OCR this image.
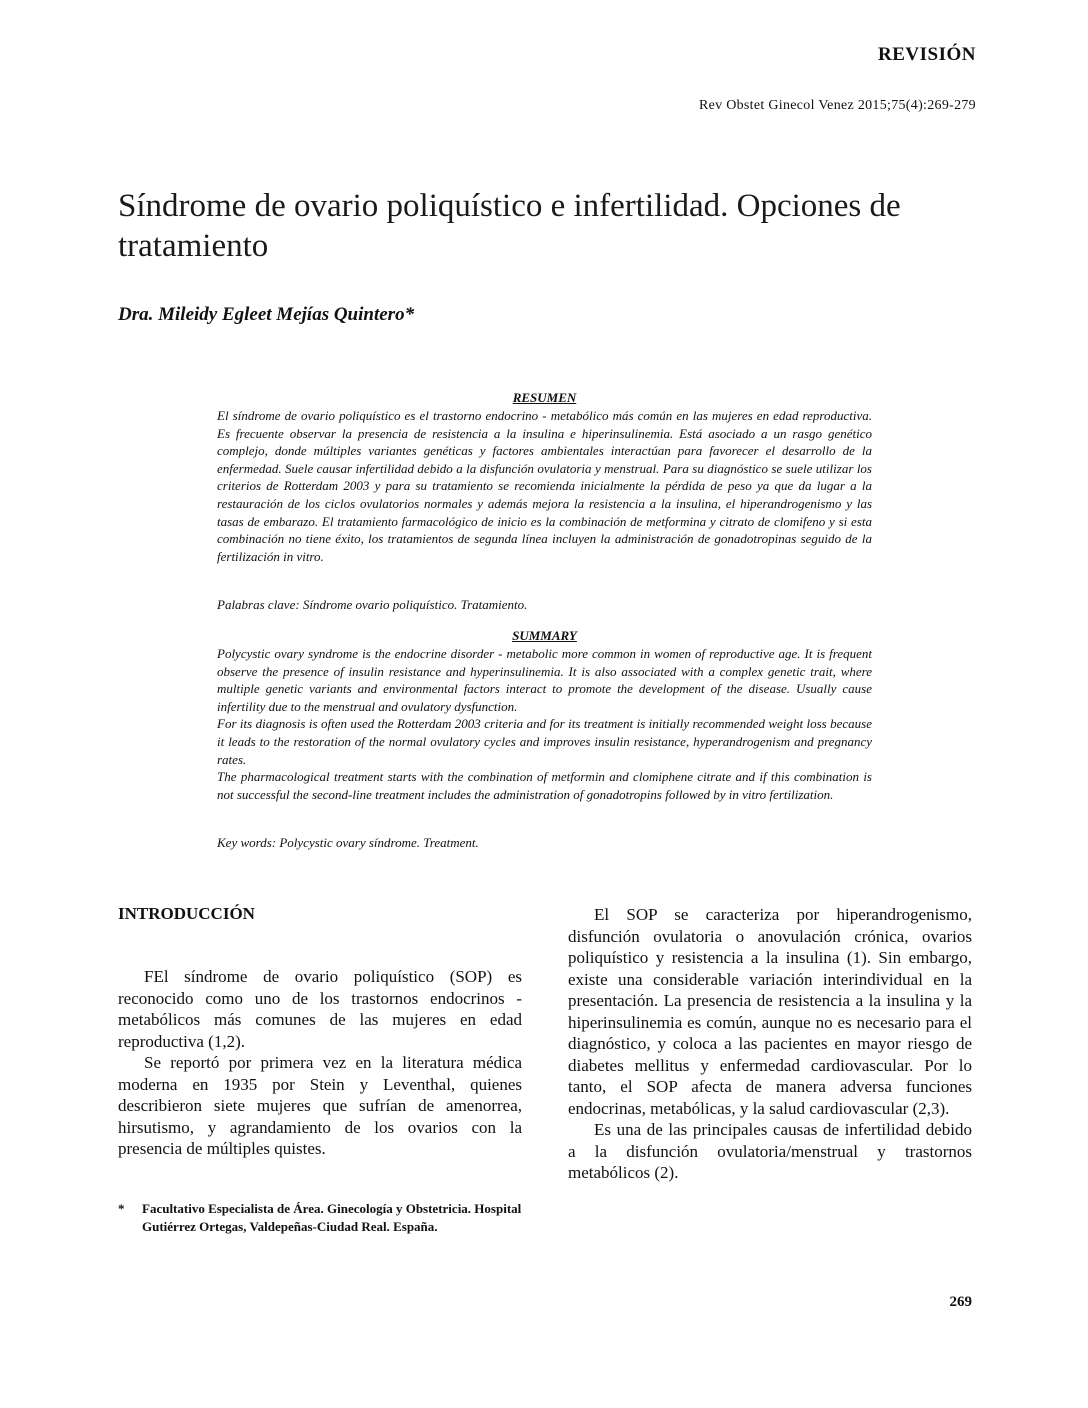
REVISIÓN
Rev Obstet Ginecol Venez 2015;75(4):269-279
Síndrome de ovario poliquístico e infertilidad. Opciones de tratamiento
Dra. Mileidy Egleet Mejías Quintero*
RESUMEN
El síndrome de ovario poliquístico es el trastorno endocrino - metabólico más común en las mujeres en edad reproductiva. Es frecuente observar la presencia de resistencia a la insulina e hiperinsulinemia. Está asociado a un rasgo genético complejo, donde múltiples variantes genéticas y factores ambientales interactúan para favorecer el desarrollo de la enfermedad. Suele causar infertilidad debido a la disfunción ovulatoria y menstrual. Para su diagnóstico se suele utilizar los criterios de Rotterdam 2003 y para su tratamiento se recomienda inicialmente la pérdida de peso ya que da lugar a la restauración de los ciclos ovulatorios normales y además mejora la resistencia a la insulina, el hiperandrogenismo y las tasas de embarazo. El tratamiento farmacológico de inicio es la combinación de metformina y citrato de clomifeno y si esta combinación no tiene éxito, los tratamientos de segunda línea incluyen la administración de gonadotropinas seguido de la fertilización in vitro.
Palabras clave: Síndrome ovario poliquístico. Tratamiento.
SUMMARY

Polycystic ovary syndrome is the endocrine disorder - metabolic more common in women of reproductive age. It is frequent observe the presence of insulin resistance and hyperinsulinemia. It is also associated with a complex genetic trait, where multiple genetic variants and environmental factors interact to promote the development of the disease. Usually cause infertility due to the menstrual and ovulatory dysfunction.

For its diagnosis is often used the Rotterdam 2003 criteria and for its treatment is initially recommended weight loss because it leads to the restoration of the normal ovulatory cycles and improves insulin resistance, hyperandrogenism and pregnancy rates.

The pharmacological treatment starts with the combination of metformin and clomiphene citrate and if this combination is not successful the second-line treatment includes the administration of gonadotropins followed by in vitro fertilization.

Key words: Polycystic ovary síndrome. Treatment.
INTRODUCCIÓN

FEl síndrome de ovario poliquístico (SOP) es reconocido como uno de los trastornos endocrinos -metabólicos más comunes de las mujeres en edad reproductiva (1,2).

Se reportó por primera vez en la literatura médica moderna en 1935 por Stein y Leventhal, quienes describieron siete mujeres que sufrían de amenorrea, hirsutismo, y agrandamiento de los ovarios con la presencia de múltiples quistes.

El SOP se caracteriza por hiperandrogenismo, disfunción ovulatoria o anovulación crónica, ovarios poliquístico y resistencia a la insulina (1). Sin embargo, existe una considerable variación interindividual en la presentación. La presencia de resistencia a la insulina y la hiperinsulinemia es común, aunque no es necesario para el diagnóstico, y coloca a las pacientes en mayor riesgo de diabetes mellitus y enfermedad cardiovascular. Por lo tanto, el SOP afecta de manera adversa funciones endocrinas, metabólicas, y la salud cardiovascular (2,3).

Es una de las principales causas de infertilidad debido a la disfunción ovulatoria/menstrual y trastornos metabólicos (2).

* Facultativo Especialista de Área. Ginecología y Obstetricia. Hospital Gutiérrez Ortegas, Valdepeñas-Ciudad Real. España.
269
